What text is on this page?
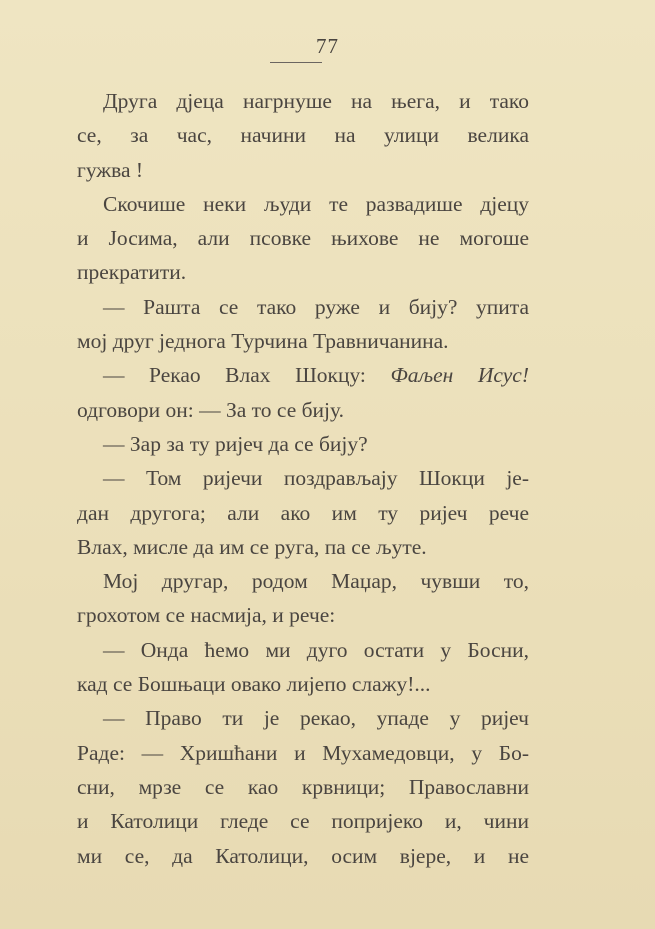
77
Друга дјеца нагрнуше на њега, и тако
се, за час, начини на улици велика
гужва !
Скочише неки људи те развадише дјецу
и Јосима, али псовке њихове не могоше
прекратити.
— Рашта се тако руже и бију? упита
мој друг једнога Турчина Травничанина.
— Рекао Влах Шокцу: Фаљен Исус!
одговори он: — За то се бију.
— Зар за ту ријеч да се бију?
— Том ријечи поздрављају Шокци је-
дан другога; али ако им ту ријеч рече
Влах, мисле да им се руга, па се љуте.
Мој другар, родом Маџар, чувши то,
грохотом се насмија, и рече:
— Онда ћемо ми дуго остати у Босни,
кад се Бошњаци овако лијепо слажу!...
— Право ти је рекао, упаде у ријеч
Раде: — Хришћани и Мухамедовци, у Бо-
сни, мрзе се као крвници; Православни
и Католици гледе се попријеко и, чини
ми се, да Католици, осим вјере, и не
